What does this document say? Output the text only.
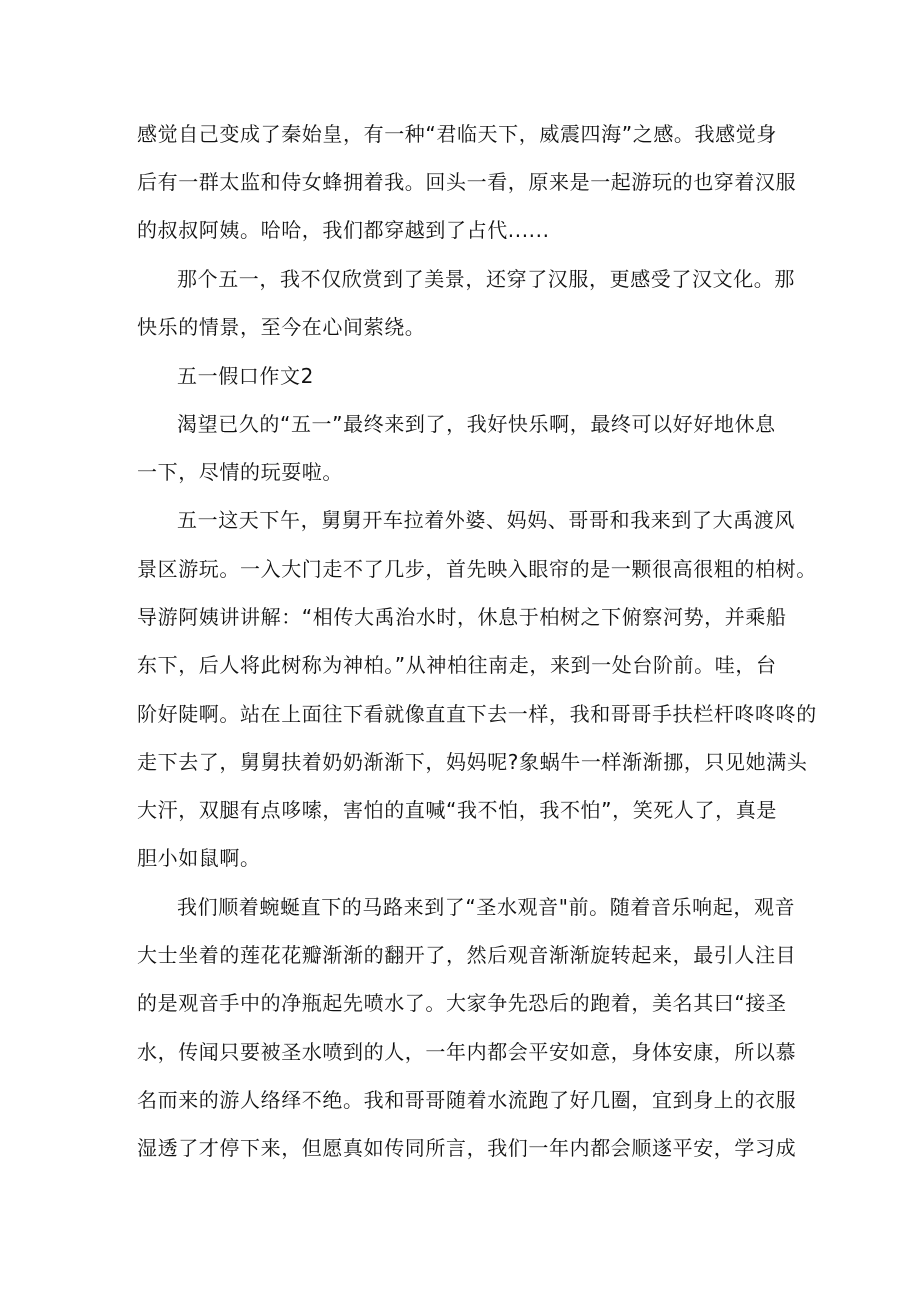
感觉自己变成了秦始皇，有一种“君临天下，威震四海”之感。我感觉身
后有一群太监和侍女蜂拥着我。回头一看，原来是一起游玩的也穿着汉服
的叔叔阿姨。哈哈，我们都穿越到了占代......
那个五一，我不仅欣赏到了美景，还穿了汉服，更感受了汉文化。那
快乐的情景，至今在心间萦绕。
五一假口作文2
渴望已久的“五一”最终来到了，我好快乐啊，最终可以好好地休息
一下，尽情的玩耍啦。
五一这天下午，舅舅开车拉着外婆、妈妈、哥哥和我来到了大禹渡风
景区游玩。一入大门走不了几步，首先映入眼帘的是一颗很高很粗的柏树。
导游阿姨讲讲解：“相传大禹治水时，休息于柏树之下俯察河势，并乘船
东下，后人将此树称为神柏。”从神柏往南走，来到一处台阶前。哇，台
阶好陡啊。站在上面往下看就像直直下去一样，我和哥哥手扶栏杆咚咚咚的
走下去了，舅舅扶着奶奶渐渐下，妈妈呢?象蜗牛一样渐渐挪，只见她满头
大汗，双腿有点哆嗦，害怕的直喊“我不怕，我不怕”，笑死人了，真是
胆小如鼠啊。
我们顺着蜿蜒直下的马路来到了“圣水观音"前。随着音乐响起，观音
大士坐着的莲花花瓣渐渐的翻开了，然后观音渐渐旋转起来，最引人注目
的是观音手中的净瓶起先喷水了。大家争先恐后的跑着，美名其曰“接圣
水，传闻只要被圣水喷到的人，一年内都会平安如意，身体安康，所以慕
名而来的游人络绎不绝。我和哥哥随着水流跑了好几圈，宜到身上的衣服
湿透了才停下来，但愿真如传同所言，我们一年内都会顺遂平安，学习成
